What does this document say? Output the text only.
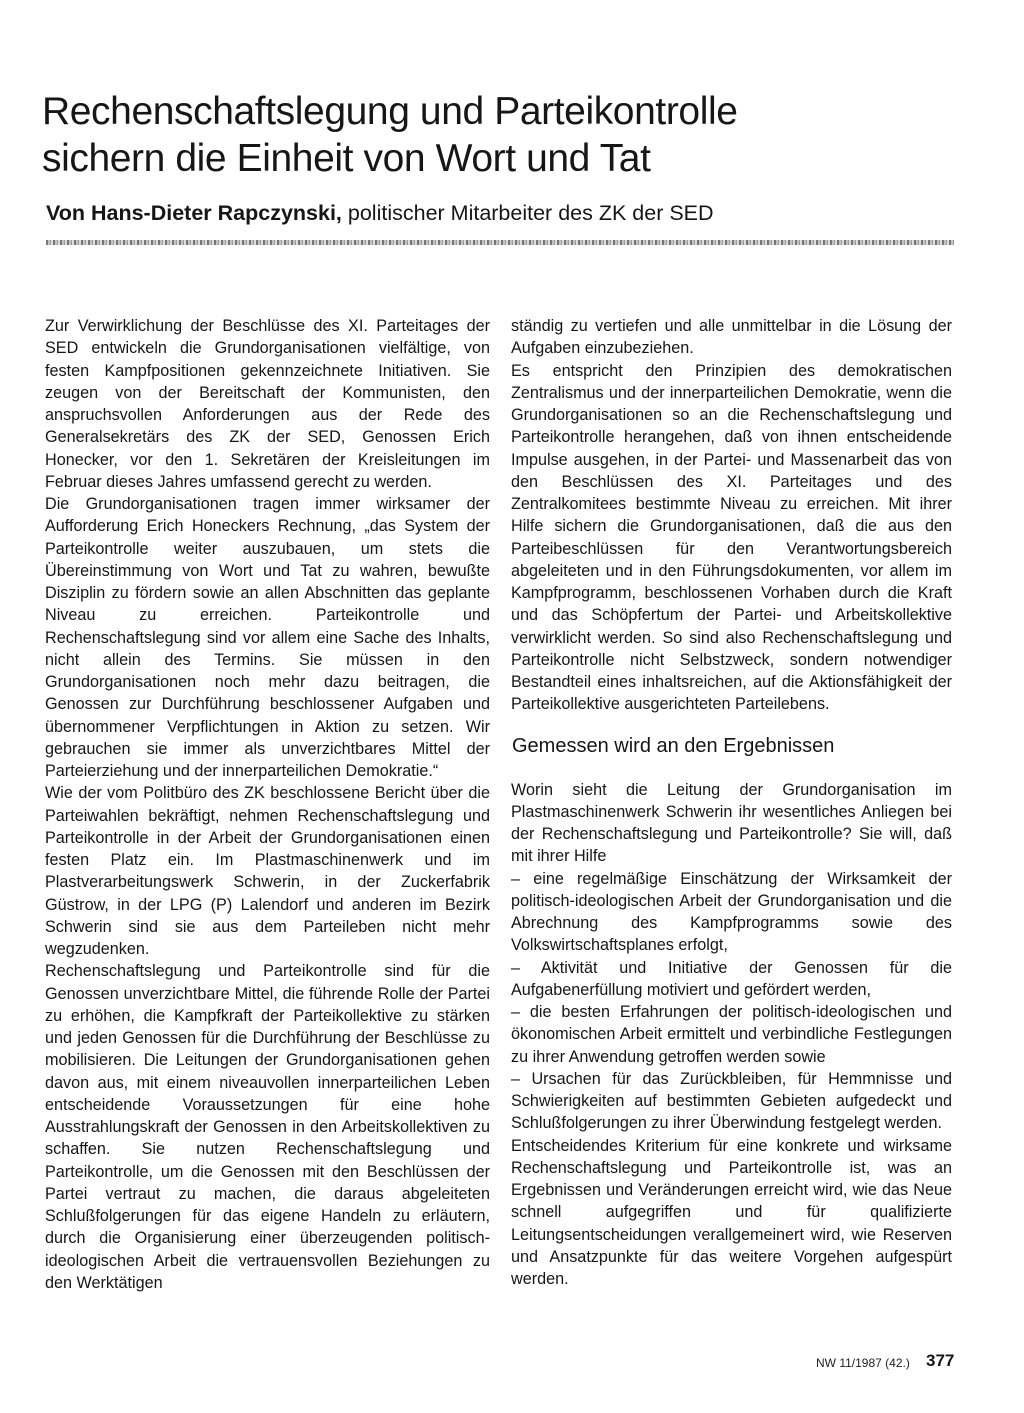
Rechenschaftslegung und Parteikontrolle
sichern die Einheit von Wort und Tat
Von Hans-Dieter Rapczynski, politischer Mitarbeiter des ZK der SED

Zur Verwirklichung der Beschlüsse des XI. Parteitages der SED entwickeln die Grundorganisationen vielfältige, von festen Kampfpositionen gekennzeichnete Initiativen. Sie zeugen von der Bereitschaft der Kommunisten, den anspruchsvollen Anforderungen aus der Rede des Generalsekretärs des ZK der SED, Genossen Erich Honecker, vor den 1. Sekretären der Kreisleitungen im Februar dieses Jahres umfassend gerecht zu werden.

Die Grundorganisationen tragen immer wirksamer der Aufforderung Erich Honeckers Rechnung, „das System der Parteikontrolle weiter auszubauen, um stets die Übereinstimmung von Wort und Tat zu wahren, bewußte Disziplin zu fördern sowie an allen Abschnitten das geplante Niveau zu erreichen. Parteikontrolle und Rechenschaftslegung sind vor allem eine Sache des Inhalts, nicht allein des Termins. Sie müssen in den Grundorganisationen noch mehr dazu beitragen, die Genossen zur Durchführung beschlossener Aufgaben und übernommener Verpflichtungen in Aktion zu setzen. Wir gebrauchen sie immer als unverzichtbares Mittel der Parteierziehung und der innerparteilichen Demokratie.“

Wie der vom Politbüro des ZK beschlossene Bericht über die Parteiwahlen bekräftigt, nehmen Rechenschaftslegung und Parteikontrolle in der Arbeit der Grundorganisationen einen festen Platz ein. Im Plastmaschinenwerk und im Plastverarbeitungswerk Schwerin, in der Zuckerfabrik Güstrow, in der LPG (P) Lalendorf und anderen im Bezirk Schwerin sind sie aus dem Parteileben nicht mehr wegzudenken.

Rechenschaftslegung und Parteikontrolle sind für die Genossen unverzichtbare Mittel, die führende Rolle der Partei zu erhöhen, die Kampfkraft der Parteikollektive zu stärken und jeden Genossen für die Durchführung der Beschlüsse zu mobilisieren. Die Leitungen der Grundorganisationen gehen davon aus, mit einem niveauvollen innerparteilichen Leben entscheidende Voraussetzungen für eine hohe Ausstrahlungskraft der Genossen in den Arbeitskollektiven zu schaffen. Sie nutzen Rechenschaftslegung und Parteikontrolle, um die Genossen mit den Beschlüssen der Partei vertraut zu machen, die daraus abgeleiteten Schlußfolgerungen für das eigene Handeln zu erläutern, durch die Organisierung einer überzeugenden politisch-ideologischen Arbeit die vertrauensvollen Beziehungen zu den Werktätigen

ständig zu vertiefen und alle unmittelbar in die Lösung der Aufgaben einzubeziehen.

Es entspricht den Prinzipien des demokratischen Zentralismus und der innerparteilichen Demokratie, wenn die Grundorganisationen so an die Rechenschaftslegung und Parteikontrolle herangehen, daß von ihnen entscheidende Impulse ausgehen, in der Partei- und Massenarbeit das von den Beschlüssen des XI. Parteitages und des Zentralkomitees bestimmte Niveau zu erreichen. Mit ihrer Hilfe sichern die Grundorganisationen, daß die aus den Parteibeschlüssen für den Verantwortungsbereich abgeleiteten und in den Führungsdokumenten, vor allem im Kampfprogramm, beschlossenen Vorhaben durch die Kraft und das Schöpfertum der Partei- und Arbeitskollektive verwirklicht werden. So sind also Rechenschaftslegung und Parteikontrolle nicht Selbstzweck, sondern notwendiger Bestandteil eines inhaltsreichen, auf die Aktionsfähigkeit der Parteikollektive ausgerichteten Parteilebens.

Gemessen wird an den Ergebnissen

Worin sieht die Leitung der Grundorganisation im Plastmaschinenwerk Schwerin ihr wesentliches Anliegen bei der Rechenschaftslegung und Parteikontrolle? Sie will, daß mit ihrer Hilfe

– eine regelmäßige Einschätzung der Wirksamkeit der politisch-ideologischen Arbeit der Grundorganisation und die Abrechnung des Kampfprogramms sowie des Volkswirtschaftsplanes erfolgt,

– Aktivität und Initiative der Genossen für die Aufgabenerfüllung motiviert und gefördert werden,

– die besten Erfahrungen der politisch-ideologischen und ökonomischen Arbeit ermittelt und verbindliche Festlegungen zu ihrer Anwendung getroffen werden sowie

– Ursachen für das Zurückbleiben, für Hemmnisse und Schwierigkeiten auf bestimmten Gebieten aufgedeckt und Schlußfolgerungen zu ihrer Überwindung festgelegt werden.

Entscheidendes Kriterium für eine konkrete und wirksame Rechenschaftslegung und Parteikontrolle ist, was an Ergebnissen und Veränderungen erreicht wird, wie das Neue schnell aufgegriffen und für qualifizierte Leitungsentscheidungen verallgemeinert wird, wie Reserven und Ansatzpunkte für das weitere Vorgehen aufgespürt werden.

NW 11/1987 (42.) 377
